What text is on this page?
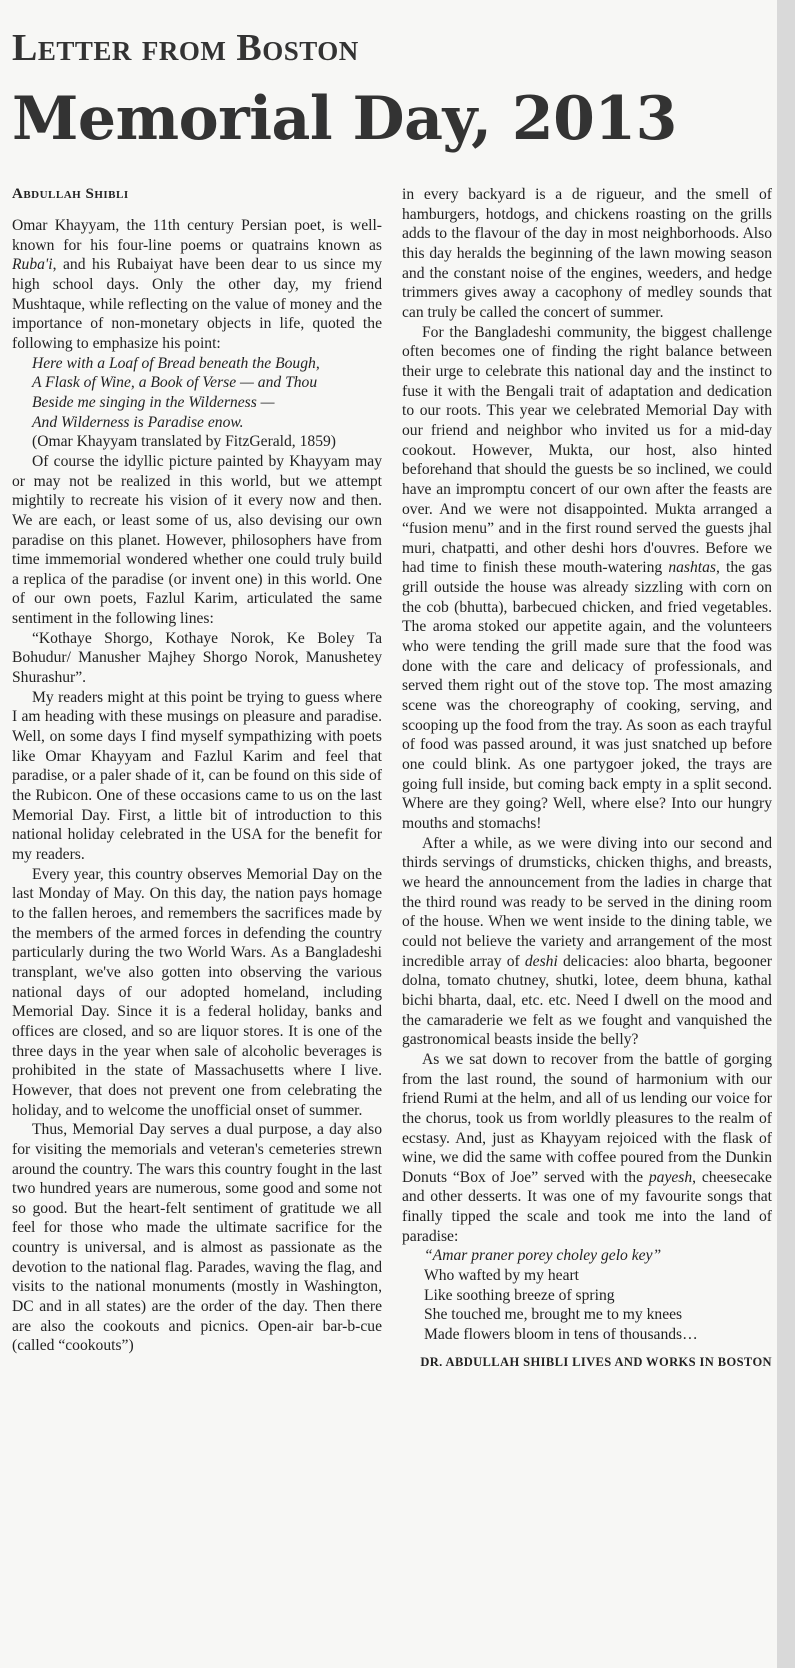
Letter from Boston
Memorial Day, 2013
Abdullah Shibli

Omar Khayyam, the 11th century Persian poet, is well-known for his four-line poems or quatrains known as Ruba'i, and his Rubaiyat have been dear to us since my high school days. Only the other day, my friend Mushtaque, while reflecting on the value of money and the importance of non-monetary objects in life, quoted the following to emphasize his point:

Here with a Loaf of Bread beneath the Bough,
A Flask of Wine, a Book of Verse — and Thou
Beside me singing in the Wilderness —
And Wilderness is Paradise enow.

(Omar Khayyam translated by FitzGerald, 1859)

Of course the idyllic picture painted by Khayyam may or may not be realized in this world, but we attempt mightily to recreate his vision of it every now and then. We are each, or least some of us, also devising our own paradise on this planet. However, philosophers have from time immemorial wondered whether one could truly build a replica of the paradise (or invent one) in this world. One of our own poets, Fazlul Karim, articulated the same sentiment in the following lines:

“Kothaye Shorgo, Kothaye Norok, Ke Boley Ta Bohudur/ Manusher Majhey Shorgo Norok, Manushetey Shurashur”.

My readers might at this point be trying to guess where I am heading with these musings on pleasure and paradise. Well, on some days I find myself sympathizing with poets like Omar Khayyam and Fazlul Karim and feel that paradise, or a paler shade of it, can be found on this side of the Rubicon. One of these occasions came to us on the last Memorial Day. First, a little bit of introduction to this national holiday celebrated in the USA for the benefit for my readers.

Every year, this country observes Memorial Day on the last Monday of May. On this day, the nation pays homage to the fallen heroes, and remembers the sacrifices made by the members of the armed forces in defending the country particularly during the two World Wars. As a Bangladeshi transplant, we've also gotten into observing the various national days of our adopted homeland, including Memorial Day. Since it is a federal holiday, banks and offices are closed, and so are liquor stores. It is one of the three days in the year when sale of alcoholic beverages is prohibited in the state of Massachusetts where I live. However, that does not prevent one from celebrating the holiday, and to welcome the unofficial onset of summer.

Thus, Memorial Day serves a dual purpose, a day also for visiting the memorials and veteran's cemeteries strewn around the country. The wars this country fought in the last two hundred years are numerous, some good and some not so good. But the heart-felt sentiment of gratitude we all feel for those who made the ultimate sacrifice for the country is universal, and is almost as passionate as the devotion to the national flag. Parades, waving the flag, and visits to the national monuments (mostly in Washington, DC and in all states) are the order of the day. Then there are also the cookouts and picnics. Open-air bar-b-cue (called “cookouts”)

in every backyard is a de rigueur, and the smell of hamburgers, hotdogs, and chickens roasting on the grills adds to the flavour of the day in most neighborhoods. Also this day heralds the beginning of the lawn mowing season and the constant noise of the engines, weeders, and hedge trimmers gives away a cacophony of medley sounds that can truly be called the concert of summer.

For the Bangladeshi community, the biggest challenge often becomes one of finding the right balance between their urge to celebrate this national day and the instinct to fuse it with the Bengali trait of adaptation and dedication to our roots. This year we celebrated Memorial Day with our friend and neighbor who invited us for a mid-day cookout. However, Mukta, our host, also hinted beforehand that should the guests be so inclined, we could have an impromptu concert of our own after the feasts are over. And we were not disappointed. Mukta arranged a “fusion menu” and in the first round served the guests jhal muri, chatpatti, and other deshi hors d'ouvres. Before we had time to finish these mouth-watering nashtas, the gas grill outside the house was already sizzling with corn on the cob (bhutta), barbecued chicken, and fried vegetables. The aroma stoked our appetite again, and the volunteers who were tending the grill made sure that the food was done with the care and delicacy of professionals, and served them right out of the stove top. The most amazing scene was the choreography of cooking, serving, and scooping up the food from the tray. As soon as each trayful of food was passed around, it was just snatched up before one could blink. As one partygoer joked, the trays are going full inside, but coming back empty in a split second. Where are they going? Well, where else? Into our hungry mouths and stomachs!

After a while, as we were diving into our second and thirds servings of drumsticks, chicken thighs, and breasts, we heard the announcement from the ladies in charge that the third round was ready to be served in the dining room of the house. When we went inside to the dining table, we could not believe the variety and arrangement of the most incredible array of deshi delicacies: aloo bharta, begooner dolna, tomato chutney, shutki, lotee, deem bhuna, kathal bichi bharta, daal, etc. etc. Need I dwell on the mood and the camaraderie we felt as we fought and vanquished the gastronomical beasts inside the belly?

As we sat down to recover from the battle of gorging from the last round, the sound of harmonium with our friend Rumi at the helm, and all of us lending our voice for the chorus, took us from worldly pleasures to the realm of ecstasy. And, just as Khayyam rejoiced with the flask of wine, we did the same with coffee poured from the Dunkin Donuts “Box of Joe” served with the payesh, cheesecake and other desserts. It was one of my favourite songs that finally tipped the scale and took me into the land of paradise:

“Amar praner porey choley gelo key”
Who wafted by my heart
Like soothing breeze of spring
She touched me, brought me to my knees
Made flowers bloom in tens of thousands…
DR. ABDULLAH SHIBLI LIVES AND WORKS IN BOSTON
